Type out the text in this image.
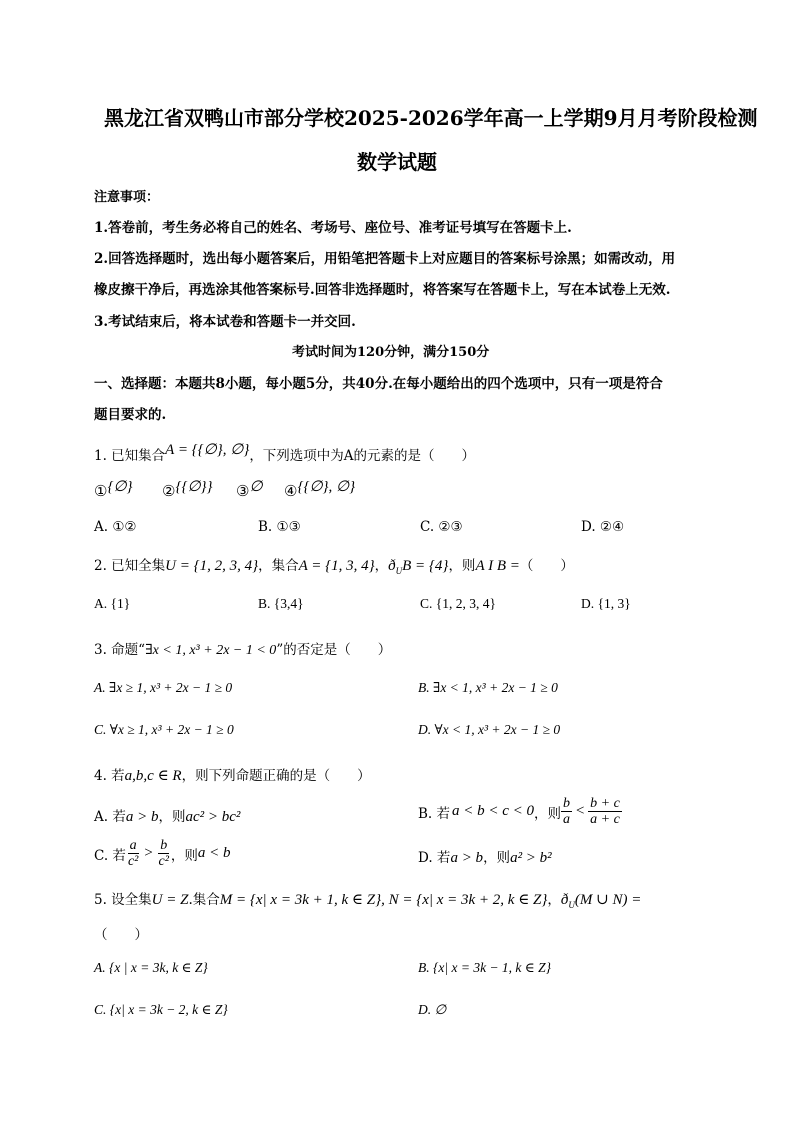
黑龙江省双鸭山市部分学校2025-2026学年高一上学期9月月考阶段检测
数学试题
注意事项：
1.答卷前，考生务必将自己的姓名、考场号、座位号、准考证号填写在答题卡上.
2.回答选择题时，选出每小题答案后，用铅笔把答题卡上对应题目的答案标号涂黑；如需改动，用
橡皮擦干净后，再选涂其他答案标号.回答非选择题时，将答案写在答题卡上，写在本试卷上无效.
3.考试结束后，将本试卷和答题卡一并交回.
考试时间为120分钟，满分150分
一、选择题：本题共8小题，每小题5分，共40分.在每小题给出的四个选项中，只有一项是符合
题目要求的.
1. 已知集合A = {{∅}, ∅}，下列选项中为A的元素的是（　　）
①{∅} ②{{∅}} ③∅ ④{{∅}, ∅}
A. ①②	B. ①③	C. ②③	D. ②④
2. 已知全集U = {1, 2, 3, 4}，集合A = {1, 3, 4}，$ð_UB = \{4\}$，则A I B =（　　）
A. {1}	B. {3,4}	C. {1, 2, 3, 4}	D. {1, 3}
3. 命题“∃x < 1, x³ + 2x − 1 < 0”的否定是（　　）
A. ∃x ≥ 1, x³ + 2x − 1 ≥ 0	B. ∃x < 1, x³ + 2x − 1 ≥ 0
C. ∀x ≥ 1, x³ + 2x − 1 ≥ 0	D. ∀x < 1, x³ + 2x − 1 ≥ 0
4. 若a,b,c ∈ R，则下列命题正确的是（　　）
A. 若a > b，则ac² > bc²	B. 若 a < b < c < 0 ，则 $\frac{b}{a} < \frac{b + c}{a + c}$
C. 若 $\frac{a}{\text{c²}} > \frac{b}{\text{c²}}$ ，则 a < b	D. 若a > b，则a² > b²
5. 设全集U = Z.集合M = {x| x = 3k + 1, k ∈ Z}, N = {x| x = 3k + 2, k ∈ Z}，$ð_U(M$ ∪ N) =
（　　）
A. {x | x = 3k, k ∈ Z}	B. {x| x = 3k − 1, k ∈ Z}
C. {x| x = 3k − 2, k ∈ Z}	D. ∅
